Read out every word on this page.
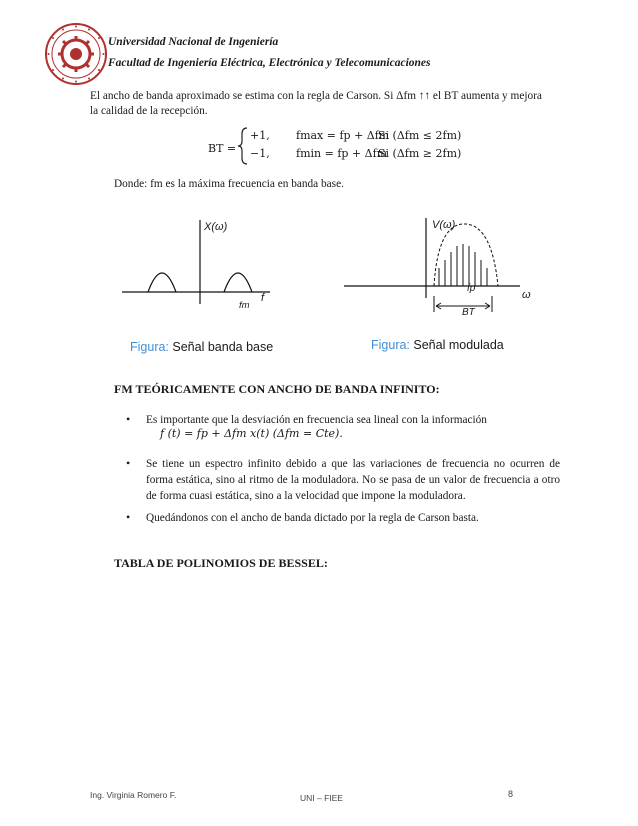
Universidad Nacional de Ingeniería
Facultad de Ingeniería Eléctrica, Electrónica y Telecomunicaciones
El ancho de banda aproximado se estima con la regla de Carson. Si Δfm ↑↑ el BT aumenta y mejora
la calidad de la recepción.
BT =
+1, fmax = fp + Δfm
Si (Δfm ≤ 2fm)
−1, fmin = fp + Δfm
Si (Δfm ≥ 2fm)
Donde: fm es la máxima frecuencia en banda base.
X(ω)
f
fm
Figura: Señal banda base
V(ω)
ω
fp
BT
Figura: Señal modulada
FM TEÓRICAMENTE CON ANCHO DE BANDA INFINITO:
• Es importante que la desviación en frecuencia sea lineal con la información
f (t) = fp + Δfm x(t) (Δfm = Cte).
• Se tiene un espectro infinito debido a que las variaciones de frecuencia no ocurren de forma estática, sino al ritmo de la moduladora. No se pasa de un valor de frecuencia a otro de forma cuasi estática, sino a la velocidad que impone la moduladora.
• Quedándonos con el ancho de banda dictado por la regla de Carson basta.
TABLA DE POLINOMIOS DE BESSEL:
Ing. Virginia Romero F.	UNI – FIEE	8
